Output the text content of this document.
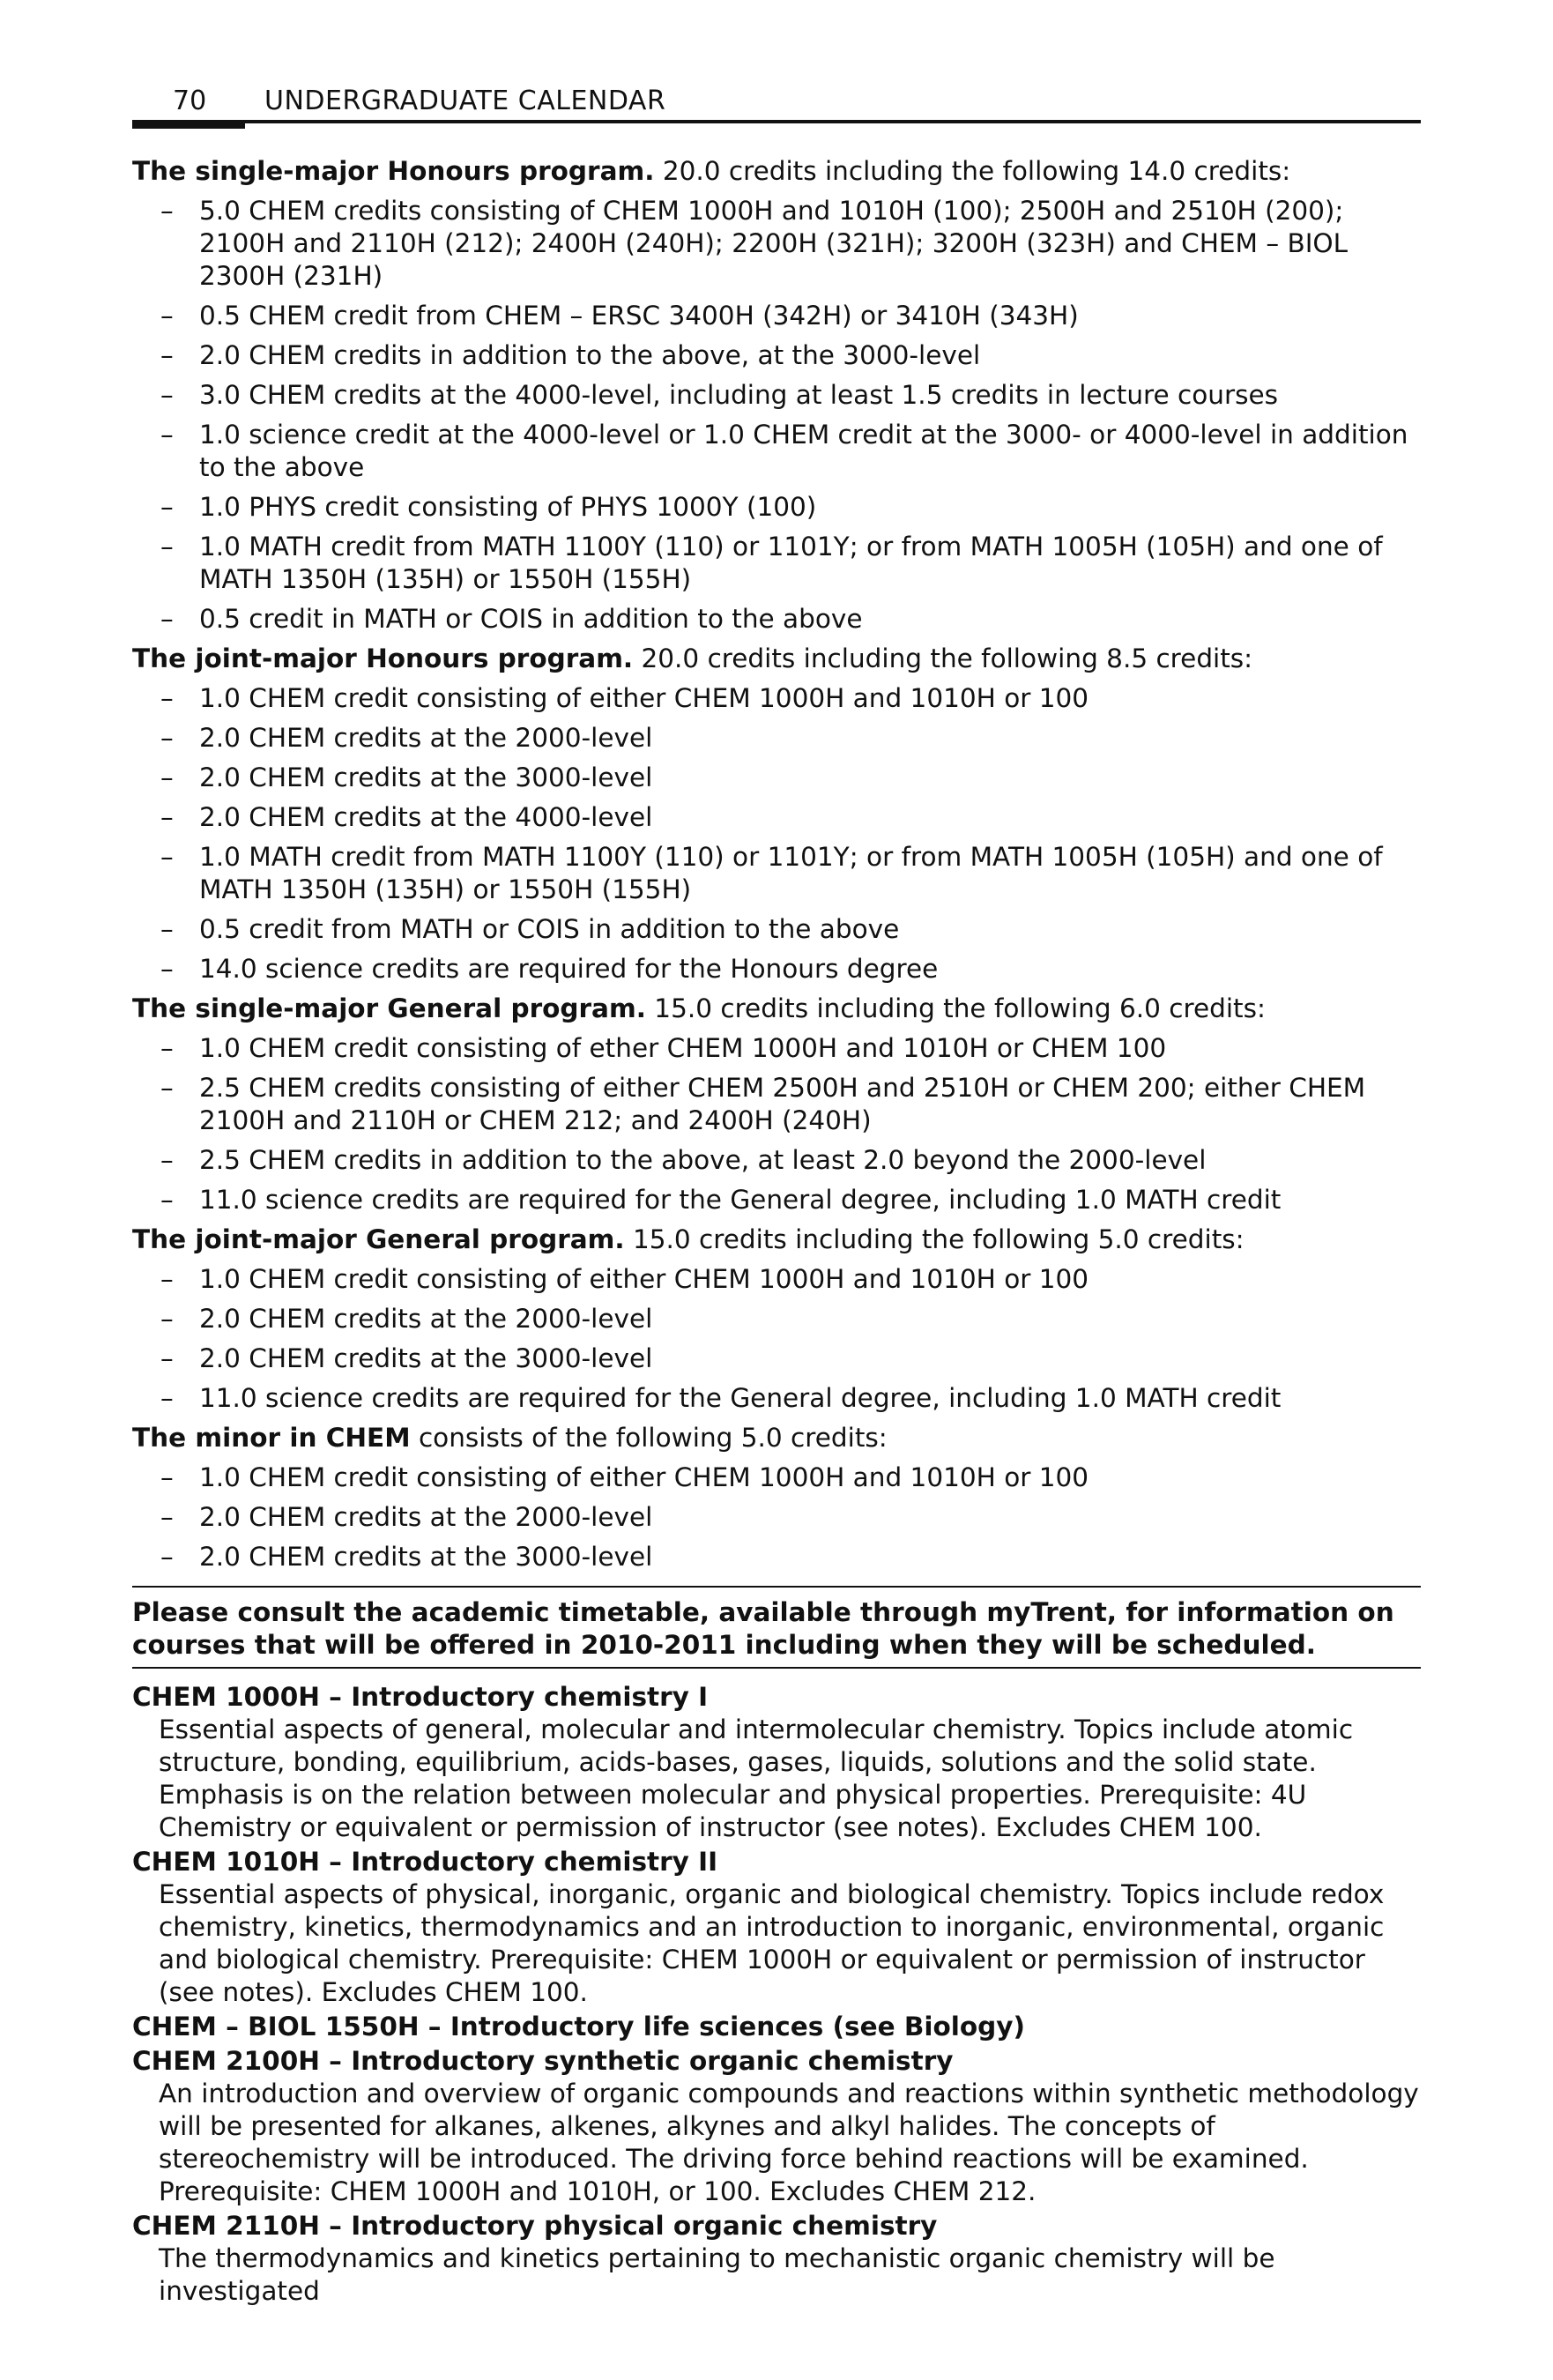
70 UNDERGRADUATE CALENDAR

The single-major Honours program. 20.0 credits including the following 14.0 credits:

– 5.0 CHEM credits consisting of CHEM 1000H and 1010H (100); 2500H and 2510H (200); 2100H and 2110H (212); 2400H (240H); 2200H (321H); 3200H (323H) and CHEM – BIOL 2300H (231H)
– 0.5 CHEM credit from CHEM – ERSC 3400H (342H) or 3410H (343H)
– 2.0 CHEM credits in addition to the above, at the 3000-level
– 3.0 CHEM credits at the 4000-level, including at least 1.5 credits in lecture courses
– 1.0 science credit at the 4000-level or 1.0 CHEM credit at the 3000- or 4000-level in addition to the above
– 1.0 PHYS credit consisting of PHYS 1000Y (100)
– 1.0 MATH credit from MATH 1100Y (110) or 1101Y; or from MATH 1005H (105H) and one of MATH 1350H (135H) or 1550H (155H)
– 0.5 credit in MATH or COIS in addition to the above

The joint-major Honours program. 20.0 credits including the following 8.5 credits:

– 1.0 CHEM credit consisting of either CHEM 1000H and 1010H or 100
– 2.0 CHEM credits at the 2000-level
– 2.0 CHEM credits at the 3000-level
– 2.0 CHEM credits at the 4000-level
– 1.0 MATH credit from MATH 1100Y (110) or 1101Y; or from MATH 1005H (105H) and one of MATH 1350H (135H) or 1550H (155H)
– 0.5 credit from MATH or COIS in addition to the above
– 14.0 science credits are required for the Honours degree

The single-major General program. 15.0 credits including the following 6.0 credits:

– 1.0 CHEM credit consisting of ether CHEM 1000H and 1010H or CHEM 100
– 2.5 CHEM credits consisting of either CHEM 2500H and 2510H or CHEM 200; either CHEM 2100H and 2110H or CHEM 212; and 2400H (240H)
– 2.5 CHEM credits in addition to the above, at least 2.0 beyond the 2000-level
– 11.0 science credits are required for the General degree, including 1.0 MATH credit

The joint-major General program. 15.0 credits including the following 5.0 credits:

– 1.0 CHEM credit consisting of either CHEM 1000H and 1010H or 100
– 2.0 CHEM credits at the 2000-level
– 2.0 CHEM credits at the 3000-level
– 11.0 science credits are required for the General degree, including 1.0 MATH credit

The minor in CHEM consists of the following 5.0 credits:

– 1.0 CHEM credit consisting of either CHEM 1000H and 1010H or 100
– 2.0 CHEM credits at the 2000-level
– 2.0 CHEM credits at the 3000-level
Please consult the academic timetable, available through myTrent, for information on courses that will be offered in 2010-2011 including when they will be scheduled.
CHEM 1000H – Introductory chemistry I
Essential aspects of general, molecular and intermolecular chemistry. Topics include atomic structure, bonding, equilibrium, acids-bases, gases, liquids, solutions and the solid state. Emphasis is on the relation between molecular and physical properties. Prerequisite: 4U Chemistry or equivalent or permission of instructor (see notes). Excludes CHEM 100.
CHEM 1010H – Introductory chemistry II
Essential aspects of physical, inorganic, organic and biological chemistry. Topics include redox chemistry, kinetics, thermodynamics and an introduction to inorganic, environmental, organic and biological chemistry. Prerequisite: CHEM 1000H or equivalent or permission of instructor (see notes). Excludes CHEM 100.
CHEM – BIOL 1550H – Introductory life sciences (see Biology)
CHEM 2100H – Introductory synthetic organic chemistry
An introduction and overview of organic compounds and reactions within synthetic methodology will be presented for alkanes, alkenes, alkynes and alkyl halides. The concepts of stereochemistry will be introduced. The driving force behind reactions will be examined. Prerequisite: CHEM 1000H and 1010H, or 100. Excludes CHEM 212.
CHEM 2110H – Introductory physical organic chemistry
The thermodynamics and kinetics pertaining to mechanistic organic chemistry will be investigated
